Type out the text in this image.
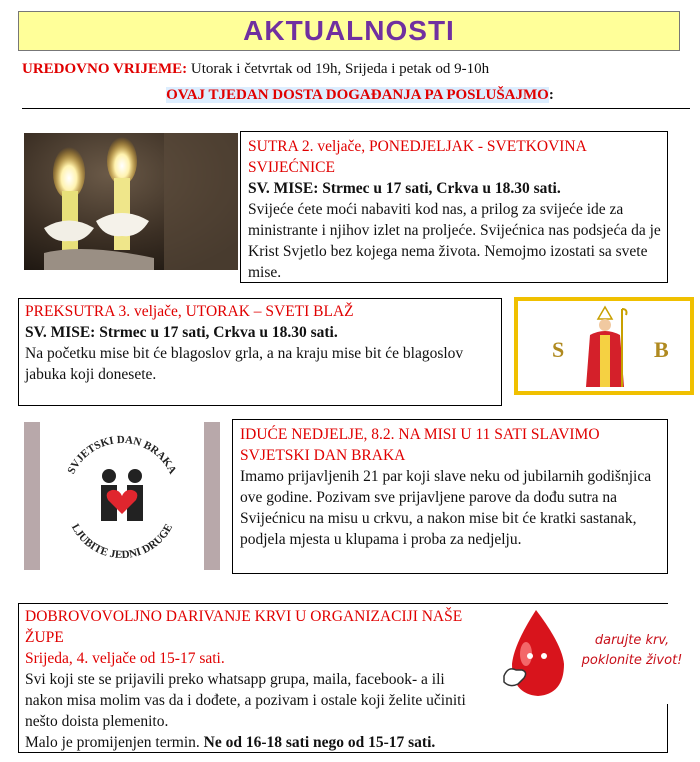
AKTUALNOSTI
UREDOVNO VRIJEME: Utorak i četvrtak od 19h, Srijeda i petak od 9-10h
OVAJ TJEDAN DOSTA DOGAĐANJA PA POSLUŠAJMO:
SUTRA 2. veljače, PONEDJELJAK - SVETKOVINA SVIJEĆNICE
SV. MISE: Strmec u 17 sati, Crkva u 18.30 sati.
Svijeće ćete moći nabaviti kod nas, a prilog za svijeće ide za ministrante i njihov izlet na proljeće. Svijećnica nas podsjeća da je Krist Svjetlo bez kojega nema života. Nemojmo izostati sa svete mise.
PREKSUTRA 3. veljače, UTORAK – SVETI BLAŽ
SV. MISE: Strmec u 17 sati, Crkva u 18.30 sati.
Na početku mise bit će blagoslov grla, a na kraju mise bit će blagoslov jabuka koji donesete.
S	B
SVJETSKI DAN BRAKA
LJUBITE JEDNI DRUGE
IDUĆE NEDJELJE, 8.2. NA MISI U 11 SATI SLAVIMO SVJETSKI DAN BRAKA
Imamo prijavljenih 21 par koji slave neku od jubilarnih godišnjica ove godine. Pozivam sve prijavljene parove da dođu sutra na Svijećnicu na misu u crkvu, a nakon mise bit će kratki sastanak, podjela mjesta u klupama i proba za nedjelju.
DOBROVOVOLJNO DARIVANJE KRVI U ORGANIZACIJI NAŠE ŽUPE
Srijeda, 4. veljače od 15-17 sati.
Svi koji ste se prijavili preko whatsapp grupa, maila, facebook- a ili nakon misa molim vas da i dođete, a pozivam i ostale koji želite učiniti nešto doista plemenito.
Malo je promijenjen termin. Ne od 16-18 sati nego od 15-17 sati.
darujte krv,
poklonite život!
